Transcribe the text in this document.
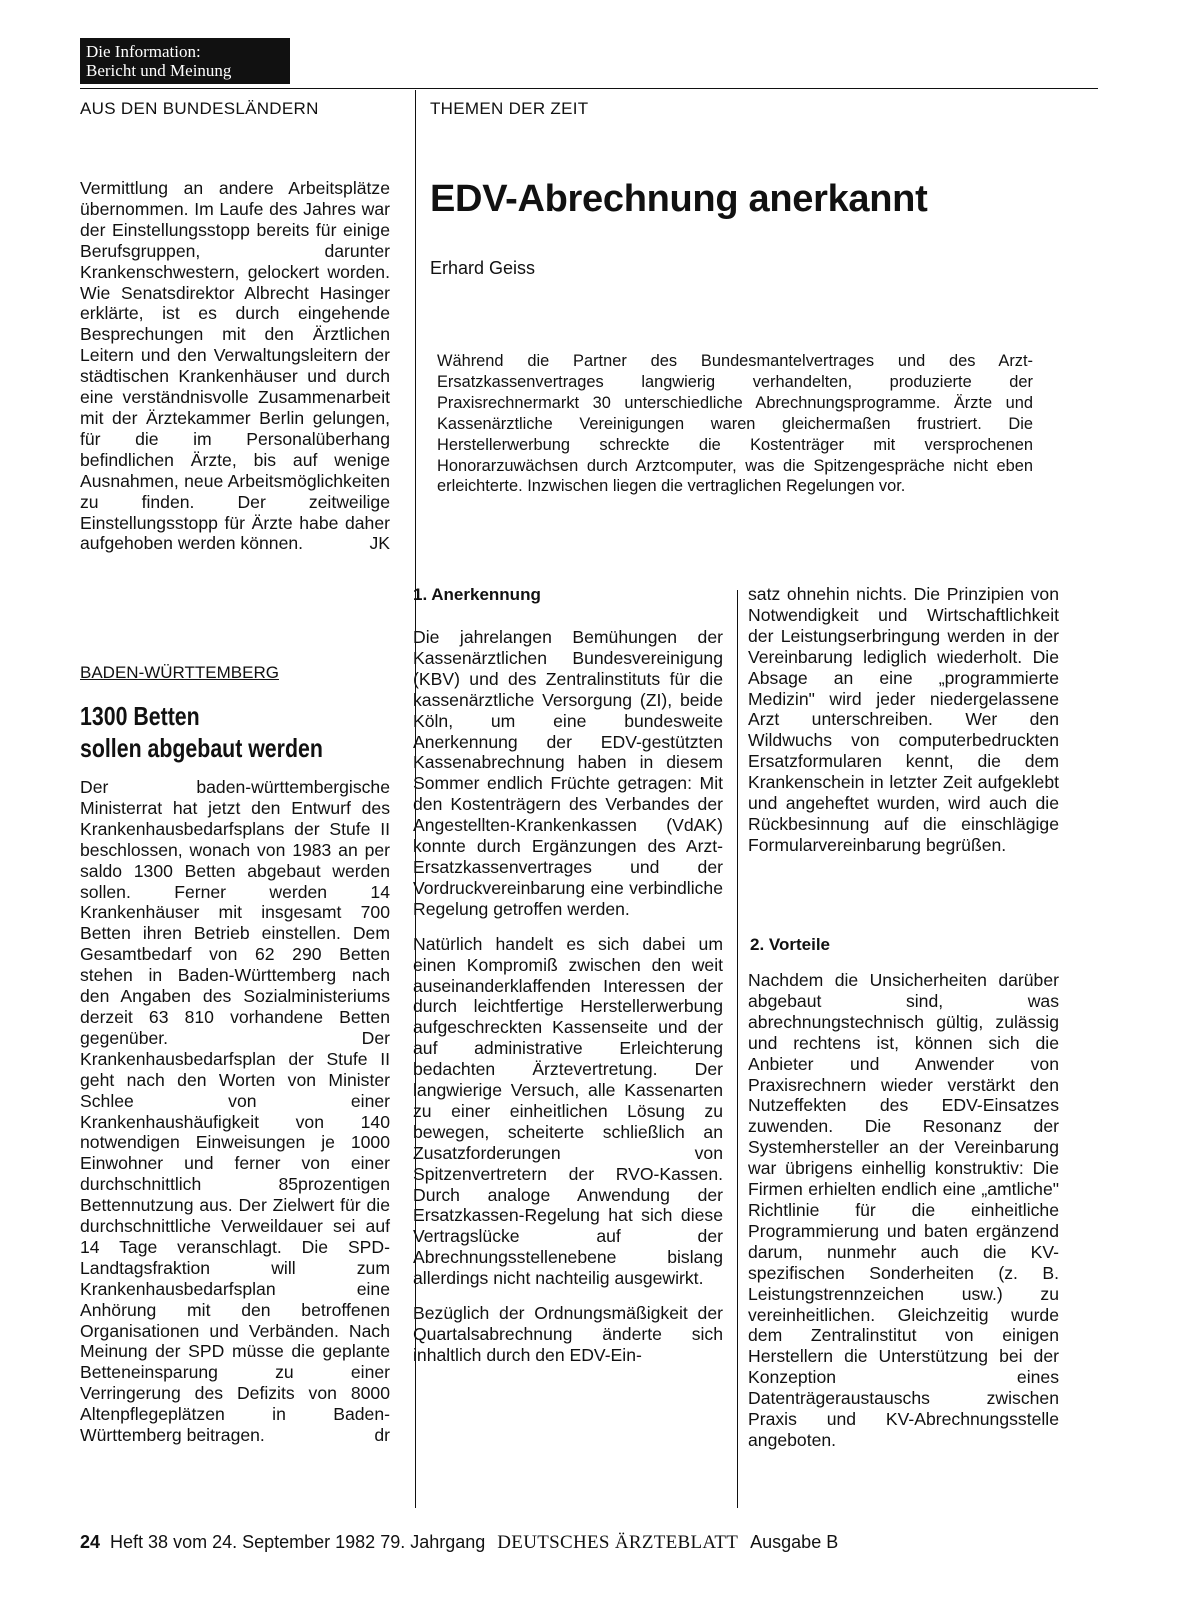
Die Information:
Bericht und Meinung
AUS DEN BUNDESLÄNDERN	THEMEN DER ZEIT

Vermittlung an andere Arbeitsplätze übernommen. Im Laufe des Jahres war der Einstellungsstopp bereits für einige Berufsgruppen, darunter Krankenschwestern, gelockert worden. Wie Senatsdirektor Albrecht Hasinger erklärte, ist es durch eingehende Besprechungen mit den Ärztlichen Leitern und den Verwaltungsleitern der städtischen Krankenhäuser und durch eine verständnisvolle Zusammenarbeit mit der Ärztekammer Berlin gelungen, für die im Personalüberhang befindlichen Ärzte, bis auf wenige Ausnahmen, neue Arbeitsmöglichkeiten zu finden. Der zeitweilige Einstellungsstopp für Ärzte habe daher aufgehoben werden können.	JK

BADEN-WÜRTTEMBERG
1300 Betten
sollen abgebaut werden

Der baden-württembergische Ministerrat hat jetzt den Entwurf des Krankenhausbedarfsplans der Stufe II beschlossen, wonach von 1983 an per saldo 1300 Betten abgebaut werden sollen. Ferner werden 14 Krankenhäuser mit insgesamt 700 Betten ihren Betrieb einstellen. Dem Gesamtbedarf von 62 290 Betten stehen in Baden-Württemberg nach den Angaben des Sozialministeriums derzeit 63 810 vorhandene Betten gegenüber. Der Krankenhausbedarfsplan der Stufe II geht nach den Worten von Minister Schlee von einer Krankenhaushäufigkeit von 140 notwendigen Einweisungen je 1000 Einwohner und ferner von einer durchschnittlich 85prozentigen Bettennutzung aus. Der Zielwert für die durchschnittliche Verweildauer sei auf 14 Tage veranschlagt. Die SPD-Landtagsfraktion will zum Krankenhausbedarfsplan eine Anhörung mit den betroffenen Organisationen und Verbänden. Nach Meinung der SPD müsse die geplante Betteneinsparung zu einer Verringerung des Defizits von 8000 Altenpflegeplätzen in Baden-Württemberg beitragen.	dr

EDV-Abrechnung anerkannt
Erhard Geiss
Während die Partner des Bundesmantelvertrages und des Arzt-Ersatzkassenvertrages langwierig verhandelten, produzierte der Praxisrechnermarkt 30 unterschiedliche Abrechnungsprogramme. Ärzte und Kassenärztliche Vereinigungen waren gleichermaßen frustriert. Die Herstellerwerbung schreckte die Kostenträger mit versprochenen Honorarzuwächsen durch Arztcomputer, was die Spitzengespräche nicht eben erleichterte. Inzwischen liegen die vertraglichen Regelungen vor.
1. Anerkennung

Die jahrelangen Bemühungen der Kassenärztlichen Bundesvereinigung (KBV) und des Zentralinstituts für die kassenärztliche Versorgung (ZI), beide Köln, um eine bundesweite Anerkennung der EDV-gestützten Kassenabrechnung haben in diesem Sommer endlich Früchte getragen: Mit den Kostenträgern des Verbandes der Angestellten-Krankenkassen (VdAK) konnte durch Ergänzungen des Arzt-Ersatzkassenvertrages und der Vordruckvereinbarung eine verbindliche Regelung getroffen werden.

Natürlich handelt es sich dabei um einen Kompromiß zwischen den weit auseinanderklaffenden Interessen der durch leichtfertige Herstellerwerbung aufgeschreckten Kassenseite und der auf administrative Erleichterung bedachten Ärztevertretung. Der langwierige Versuch, alle Kassenarten zu einer einheitlichen Lösung zu bewegen, scheiterte schließlich an Zusatzforderungen von Spitzenvertretern der RVO-Kassen. Durch analoge Anwendung der Ersatzkassen-Regelung hat sich diese Vertragslücke auf der Abrechnungsstellenebene bislang allerdings nicht nachteilig ausgewirkt.

Bezüglich der Ordnungsmäßigkeit der Quartalsabrechnung änderte sich inhaltlich durch den EDV-Ein-

satz ohnehin nichts. Die Prinzipien von Notwendigkeit und Wirtschaftlichkeit der Leistungserbringung werden in der Vereinbarung lediglich wiederholt. Die Absage an eine „programmierte Medizin" wird jeder niedergelassene Arzt unterschreiben. Wer den Wildwuchs von computerbedruckten Ersatzformularen kennt, die dem Krankenschein in letzter Zeit aufgeklebt und angeheftet wurden, wird auch die Rückbesinnung auf die einschlägige Formularvereinbarung begrüßen.

2. Vorteile

Nachdem die Unsicherheiten darüber abgebaut sind, was abrechnungstechnisch gültig, zulässig und rechtens ist, können sich die Anbieter und Anwender von Praxisrechnern wieder verstärkt den Nutzeffekten des EDV-Einsatzes zuwenden. Die Resonanz der Systemhersteller an der Vereinbarung war übrigens einhellig konstruktiv: Die Firmen erhielten endlich eine „amtliche" Richtlinie für die einheitliche Programmierung und baten ergänzend darum, nunmehr auch die KV-spezifischen Sonderheiten (z. B. Leistungstrennzeichen usw.) zu vereinheitlichen. Gleichzeitig wurde dem Zentralinstitut von einigen Herstellern die Unterstützung bei der Konzeption eines Datenträgeraustauschs zwischen Praxis und KV-Abrechnungsstelle angeboten.

24 Heft 38 vom 24. September 1982 79. Jahrgang DEUTSCHES ÄRZTEBLATT Ausgabe B
